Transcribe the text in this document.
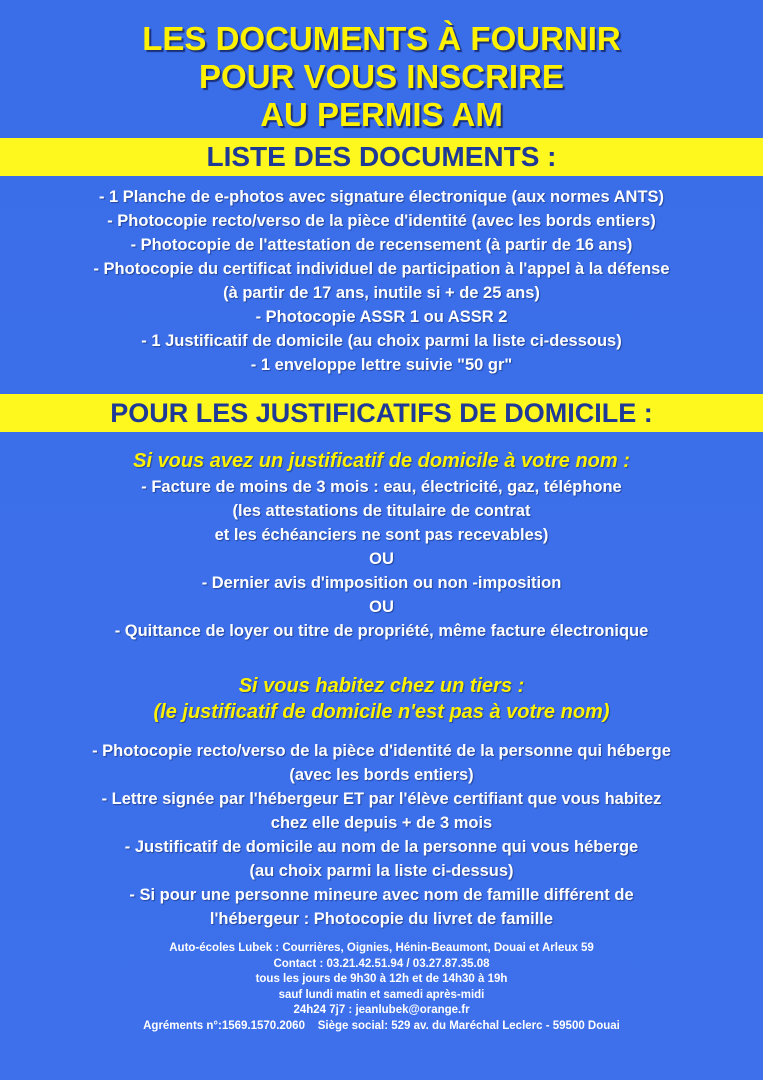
LES DOCUMENTS À FOURNIR
POUR VOUS INSCRIRE
AU PERMIS AM
LISTE DES DOCUMENTS :
- 1 Planche de e-photos avec signature électronique (aux normes ANTS)
- Photocopie recto/verso de la pièce d'identité (avec les bords entiers)
- Photocopie de l'attestation de recensement (à partir de 16 ans)
- Photocopie du certificat individuel de participation à l'appel à la défense
(à partir de 17 ans, inutile si + de 25 ans)
- Photocopie ASSR 1 ou ASSR 2
- 1 Justificatif de domicile (au choix parmi la liste ci-dessous)
- 1 enveloppe lettre suivie "50 gr"
POUR LES JUSTIFICATIFS DE DOMICILE :
Si vous avez un justificatif de domicile à votre nom :
- Facture de moins de 3 mois : eau, électricité, gaz, téléphone
(les attestations de titulaire de contrat
et les échéanciers ne sont pas recevables)
OU
- Dernier avis d'imposition ou non -imposition
OU
- Quittance de loyer ou titre de propriété, même facture électronique
Si vous habitez chez un tiers :
(le justificatif de domicile n'est pas à votre nom)
- Photocopie recto/verso de la pièce d'identité de la personne qui héberge
(avec les bords entiers)
- Lettre signée par l'hébergeur ET par l'élève certifiant que vous habitez
chez elle depuis + de 3 mois
- Justificatif de domicile au nom de la personne qui vous héberge
(au choix parmi la liste ci-dessus)
- Si pour une personne mineure avec nom de famille différent de
l'hébergeur : Photocopie du livret de famille
Auto-écoles Lubek : Courrières, Oignies, Hénin-Beaumont, Douai et Arleux 59
Contact : 03.21.42.51.94 / 03.27.87.35.08
tous les jours de 9h30 à 12h et de 14h30 à 19h
sauf lundi matin et samedi après-midi
24h24 7j7 : jeanlubek@orange.fr
Agréments n°:1569.1570.2060    Siège social: 529 av. du Maréchal Leclerc - 59500 Douai
